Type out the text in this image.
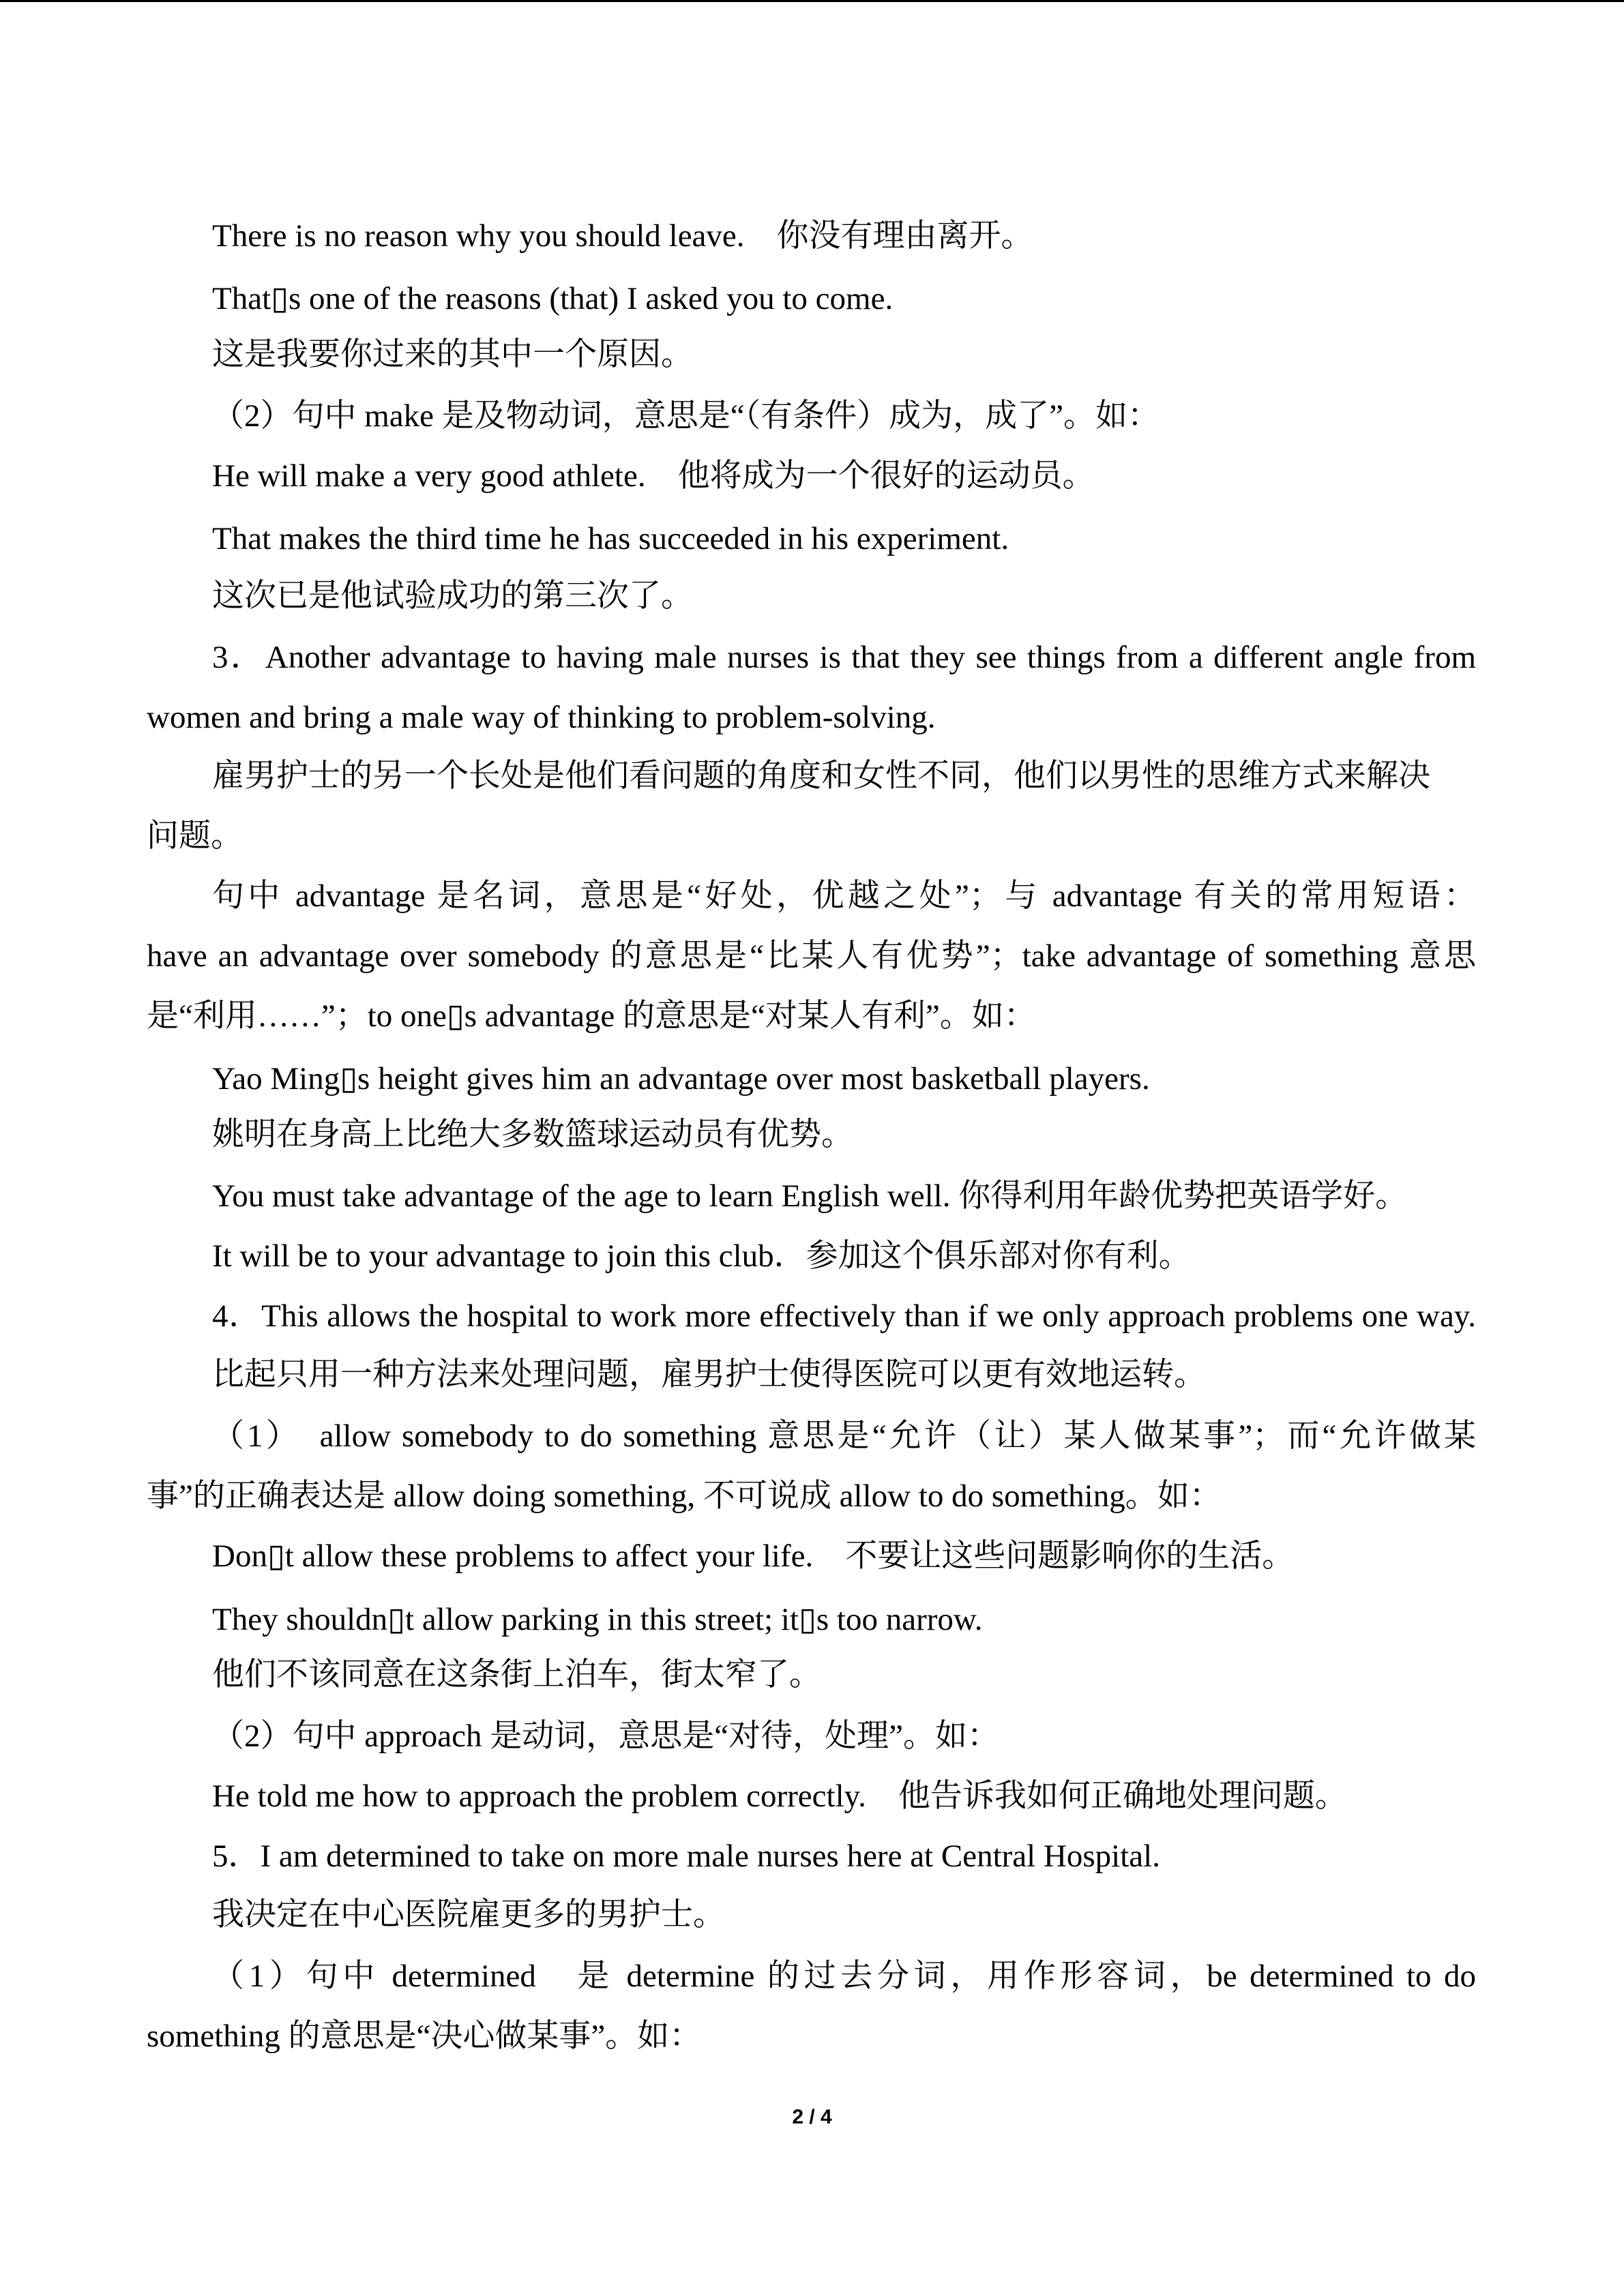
There is no reason why you should leave.　你没有理由离开。
That▯s one of the reasons (that) I asked you to come.
这是我要你过来的其中一个原因。
（2）句中 make 是及物动词，意思是“（有条件）成为，成了”。如：
He will make a very good athlete.　他将成为一个很好的运动员。
That makes the third time he has succeeded in his experiment.
这次已是他试验成功的第三次了。
3．Another advantage to having male nurses is that they see things from a different angle from
women and bring a male way of thinking to problem-solving.
雇男护士的另一个长处是他们看问题的角度和女性不同，他们以男性的思维方式来解决
问题。
句中 advantage 是名词，意思是“好处，优越之处”；与 advantage 有关的常用短语：
have an advantage over somebody 的意思是“比某人有优势”；take advantage of something 意思
是“利用……”；to one▯s advantage 的意思是“对某人有利”。如：
Yao Ming▯s height gives him an advantage over most basketball players.
姚明在身高上比绝大多数篮球运动员有优势。
You must take advantage of the age to learn English well. 你得利用年龄优势把英语学好。
It will be to your advantage to join this club．参加这个俱乐部对你有利。
4．This allows the hospital to work more effectively than if we only approach problems one way.
比起只用一种方法来处理问题，雇男护士使得医院可以更有效地运转。
（1）　allow somebody to do something 意思是“允许（让）某人做某事”；而“允许做某
事”的正确表达是 allow doing something, 不可说成 allow to do something。如：
Don▯t allow these problems to affect your life.　不要让这些问题影响你的生活。
They shouldn▯t allow parking in this street; it▯s too narrow.
他们不该同意在这条街上泊车，街太窄了。
（2）句中 approach 是动词，意思是“对待，处理”。如：
He told me how to approach the problem correctly.　他告诉我如何正确地处理问题。
5．I am determined to take on more male nurses here at Central Hospital.
我决定在中心医院雇更多的男护士。
（1）句中 determined　是 determine 的过去分词，用作形容词，be determined to do
something 的意思是“决心做某事”。如：
2 / 4
